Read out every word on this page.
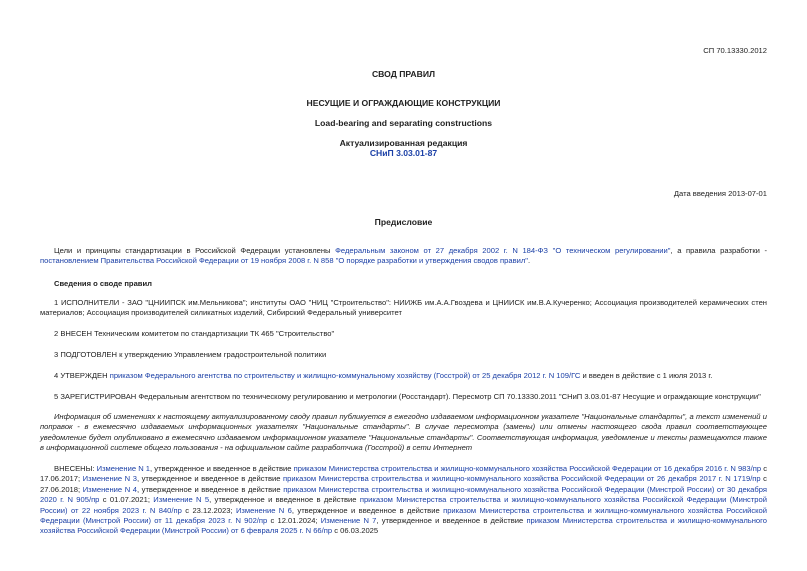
СП 70.13330.2012
СВОД ПРАВИЛ
НЕСУЩИЕ И ОГРАЖДАЮЩИЕ КОНСТРУКЦИИ
Load-bearing and separating constructions
Актуализированная редакция
СНиП 3.03.01-87
Дата введения 2013-07-01
Предисловие

Цели и принципы стандартизации в Российской Федерации установлены Федеральным законом от 27 декабря 2002 г. N 184-ФЗ "О техническом регулировании", а правила разработки - постановлением Правительства Российской Федерации от 19 ноября 2008 г. N 858 "О порядке разработки и утверждения сводов правил".

Сведения о своде правил

1 ИСПОЛНИТЕЛИ - ЗАО "ЦНИИПСК им.Мельникова"; институты ОАО "НИЦ "Строительство": НИИЖБ им.А.А.Гвоздева и ЦНИИСК им.В.А.Кучеренко; Ассоциация производителей керамических стен материалов; Ассоциация производителей силикатных изделий, Сибирский Федеральный университет

2 ВНЕСЕН Техническим комитетом по стандартизации ТК 465 "Строительство"

3 ПОДГОТОВЛЕН к утверждению Управлением градостроительной политики

4 УТВЕРЖДЕН приказом Федерального агентства по строительству и жилищно-коммунальному хозяйству (Госстрой) от 25 декабря 2012 г. N 109/ГС и введен в действие с 1 июля 2013 г.

5 ЗАРЕГИСТРИРОВАН Федеральным агентством по техническому регулированию и метрологии (Росстандарт). Пересмотр СП 70.13330.2011 "СНиП 3.03.01-87 Несущие и ограждающие конструкции"

Информация об изменениях к настоящему актуализированному своду правил публикуется в ежегодно издаваемом информационном указателе "Национальные стандарты", а текст изменений и поправок - в ежемесячно издаваемых информационных указателях "Национальные стандарты". В случае пересмотра (замены) или отмены настоящего свода правил соответствующее уведомление будет опубликовано в ежемесячно издаваемом информационном указателе "Национальные стандарты". Соответствующая информация, уведомление и тексты размещаются также в информационной системе общего пользования - на официальном сайте разработчика (Госстрой) в сети Интернет

ВНЕСЕНЫ: Изменение N 1, утвержденное и введенное в действие приказом Министерства строительства и жилищно-коммунального хозяйства Российской Федерации от 16 декабря 2016 г. N 983/пр с 17.06.2017; Изменение N 3, утвержденное и введенное в действие приказом Министерства строительства и жилищно-коммунального хозяйства Российской Федерации от 26 декабря 2017 г. N 1719/пр с 27.06.2018; Изменение N 4, утвержденное и введенное в действие приказом Министерства строительства и жилищно-коммунального хозяйства Российской Федерации (Минстрой России) от 30 декабря 2020 г. N 905/пр с 01.07.2021; Изменение N 5, утвержденное и введенное в действие приказом Министерства строительства и жилищно-коммунального хозяйства Российской Федерации (Минстрой России) от 22 ноября 2023 г. N 840/пр с 23.12.2023; Изменение N 6, утвержденное и введенное в действие приказом Министерства строительства и жилищно-коммунального хозяйства Российской Федерации (Минстрой России) от 11 декабря 2023 г. N 902/пр с 12.01.2024; Изменение N 7, утвержденное и введенное в действие приказом Министерства строительства и жилищно-коммунального хозяйства Российской Федерации (Минстрой России) от 6 февраля 2025 г. N 66/пр с 06.03.2025
